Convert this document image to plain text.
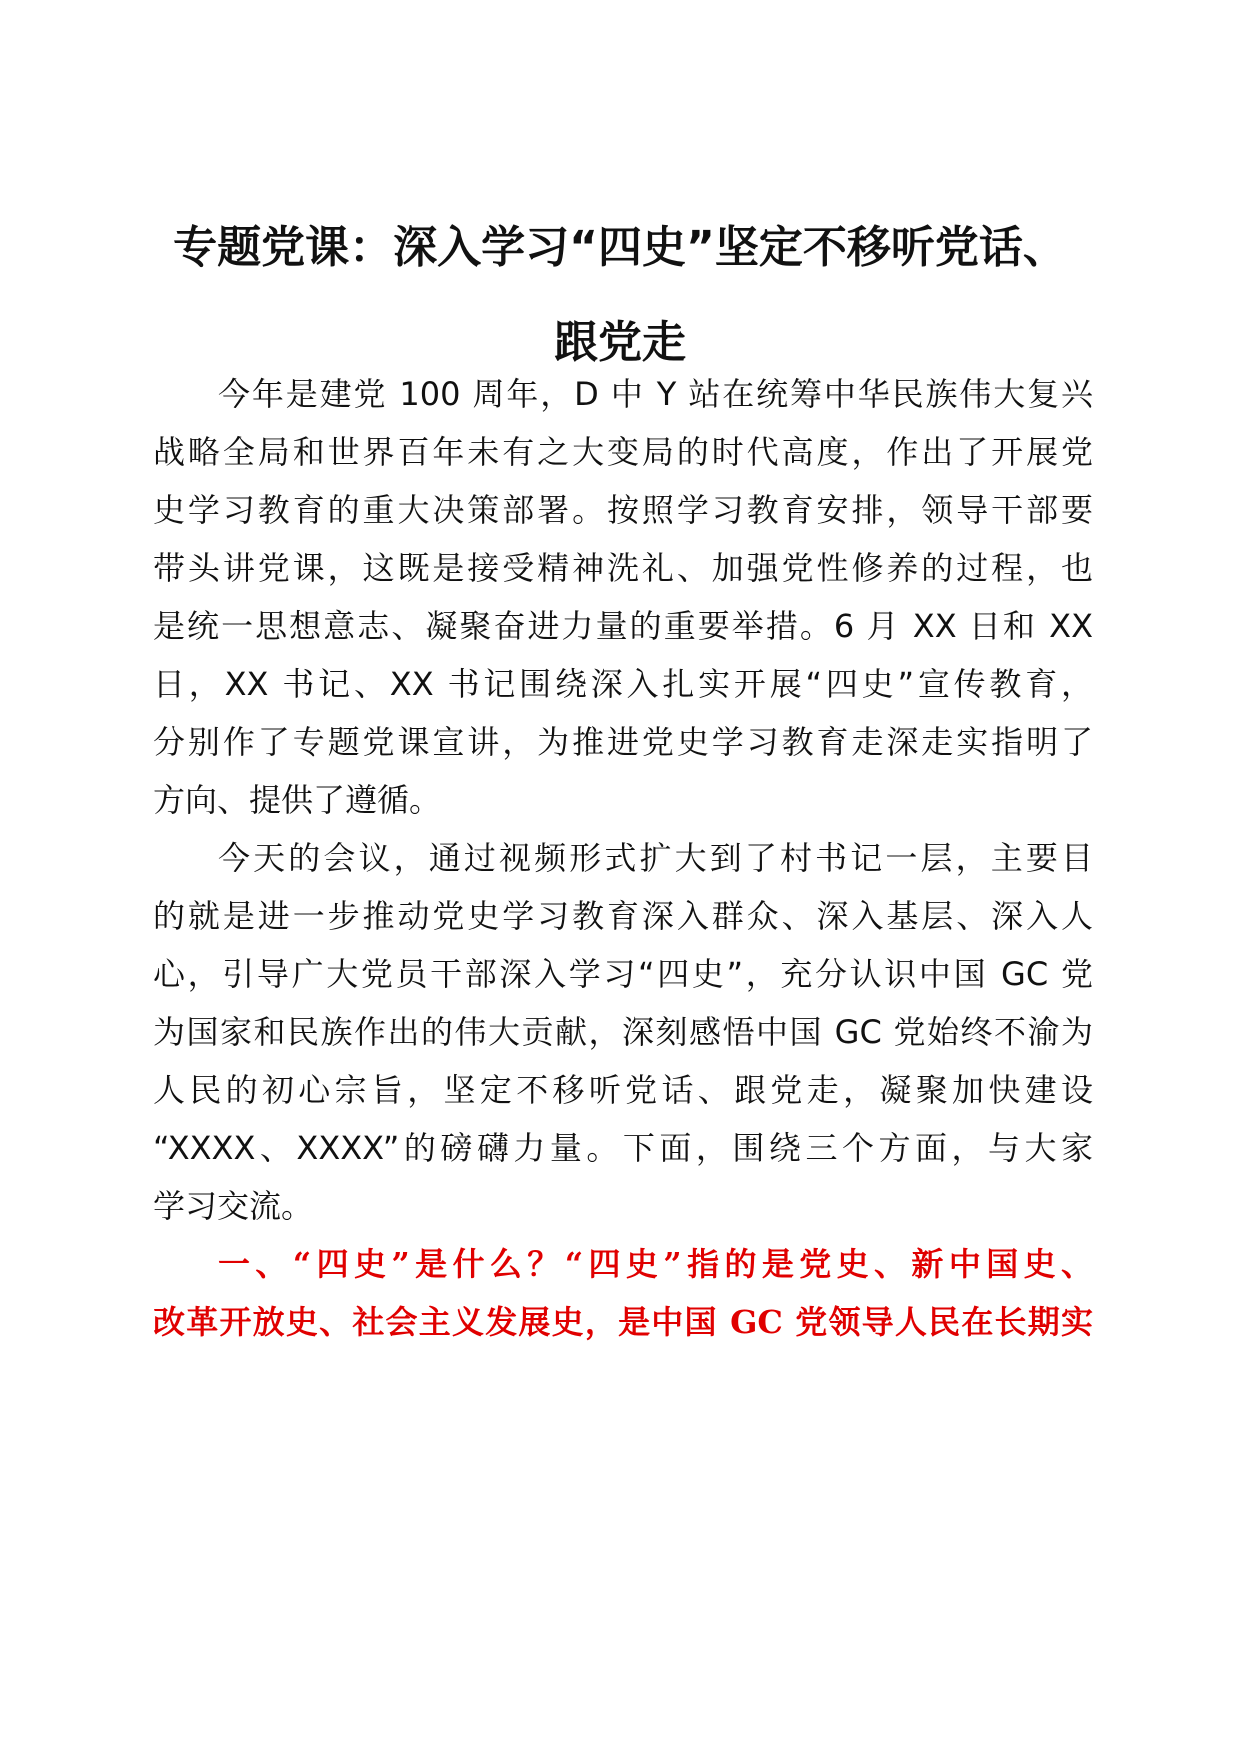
专题党课：深入学习“四史”坚定不移听党话、
跟党走
今年是建党 100 周年，D 中 Y 站在统筹中华民族伟大复兴
战略全局和世界百年未有之大变局的时代高度，作出了开展党
史学习教育的重大决策部署。按照学习教育安排，领导干部要
带头讲党课，这既是接受精神洗礼、加强党性修养的过程，也
是统一思想意志、凝聚奋进力量的重要举措。6 月 XX 日和 XX
日，XX 书记、XX 书记围绕深入扎实开展“四史”宣传教育，
分别作了专题党课宣讲，为推进党史学习教育走深走实指明了
方向、提供了遵循。
今天的会议，通过视频形式扩大到了村书记一层，主要目
的就是进一步推动党史学习教育深入群众、深入基层、深入人
心，引导广大党员干部深入学习“四史”，充分认识中国 GC 党
为国家和民族作出的伟大贡献，深刻感悟中国 GC 党始终不渝为
人民的初心宗旨，坚定不移听党话、跟党走，凝聚加快建设
“XXXX、XXXX”的磅礴力量。下面，围绕三个方面，与大家
学习交流。
一、“四史”是什么？“四史”指的是党史、新中国史、
改革开放史、社会主义发展史，是中国 GC 党领导人民在长期实
